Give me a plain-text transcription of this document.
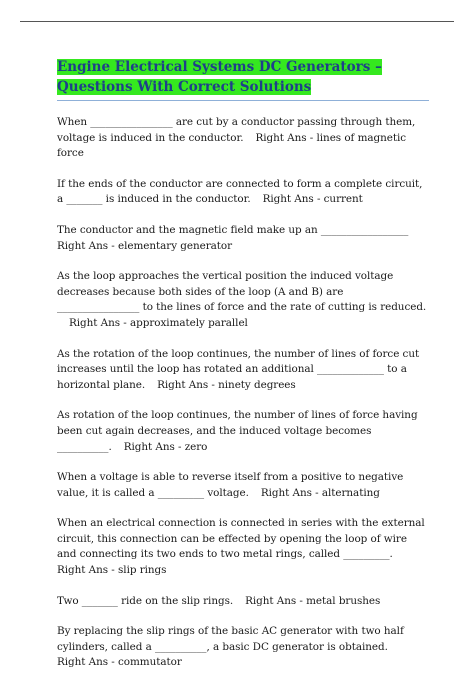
Engine Electrical Systems DC Generators – Questions With Correct Solutions

When ________________ are cut by a conductor passing through them, voltage is induced in the conductor. Right Ans - lines of magnetic force

If the ends of the conductor are connected to form a complete circuit, a _______ is induced in the conductor. Right Ans - current

The conductor and the magnetic field make up an _________________Right Ans - elementary generator

As the loop approaches the vertical position the induced voltage decreases because both sides of the loop (A and B) are ________________ to the lines of force and the rate of cutting is reduced.Right Ans - approximately parallel

As the rotation of the loop continues, the number of lines of force cut increases until the loop has rotated an additional _____________ to a horizontal plane. Right Ans - ninety degrees

As rotation of the loop continues, the number of lines of force having been cut again decreases, and the induced voltage becomes __________. Right Ans - zero

When a voltage is able to reverse itself from a positive to negative value, it is called a _________ voltage. Right Ans - alternating

When an electrical connection is connected in series with the external circuit, this connection can be effected by opening the loop of wire and connecting its two ends to two metal rings, called _________.Right Ans - slip rings

Two _______ ride on the slip rings. Right Ans - metal brushes

By replacing the slip rings of the basic AC generator with two half cylinders, called a __________, a basic DC generator is obtained.Right Ans - commutator
